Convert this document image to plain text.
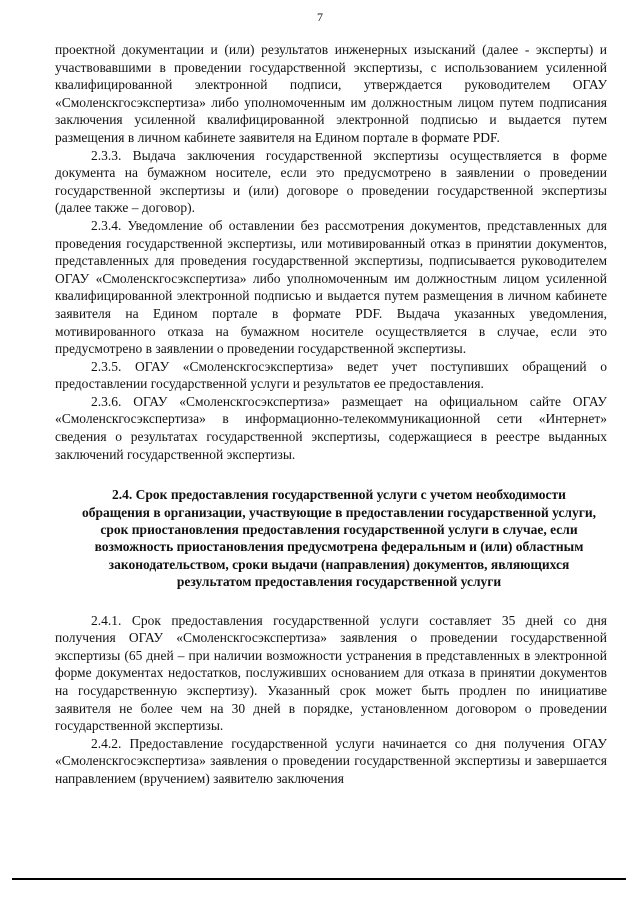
7

проектной документации и (или) результатов инженерных изысканий (далее - эксперты) и участвовавшими в проведении государственной экспертизы, с использованием усиленной квалифицированной электронной подписи, утверждается руководителем ОГАУ «Смоленскгосэкспертиза» либо уполномоченным им должностным лицом путем подписания заключения усиленной квалифицированной электронной подписью и выдается путем размещения в личном кабинете заявителя на Едином портале в формате PDF.

2.3.3. Выдача заключения государственной экспертизы осуществляется в форме документа на бумажном носителе, если это предусмотрено в заявлении о проведении государственной экспертизы и (или) договоре о проведении государственной экспертизы (далее также – договор).

2.3.4. Уведомление об оставлении без рассмотрения документов, представленных для проведения государственной экспертизы, или мотивированный отказ в принятии документов, представленных для проведения государственной экспертизы, подписывается руководителем ОГАУ «Смоленскгосэкспертиза» либо уполномоченным им должностным лицом усиленной квалифицированной электронной подписью и выдается путем размещения в личном кабинете заявителя на Едином портале в формате PDF. Выдача указанных уведомления, мотивированного отказа на бумажном носителе осуществляется в случае, если это предусмотрено в заявлении о проведении государственной экспертизы.

2.3.5. ОГАУ «Смоленскгосэкспертиза» ведет учет поступивших обращений о предоставлении государственной услуги и результатов ее предоставления.

2.3.6. ОГАУ «Смоленскгосэкспертиза» размещает на официальном сайте ОГАУ «Смоленскгосэкспертиза» в информационно-телекоммуникационной сети «Интернет» сведения о результатах государственной экспертизы, содержащиеся в реестре выданных заключений государственной экспертизы.

2.4. Срок предоставления государственной услуги с учетом необходимости обращения в организации, участвующие в предоставлении государственной услуги, срок приостановления предоставления государственной услуги в случае, если возможность приостановления предусмотрена федеральным и (или) областным законодательством, сроки выдачи (направления) документов, являющихся результатом предоставления государственной услуги

2.4.1. Срок предоставления государственной услуги составляет 35 дней со дня получения ОГАУ «Смоленскгосэкспертиза» заявления о проведении государственной экспертизы (65 дней – при наличии возможности устранения в представленных в электронной форме документах недостатков, послуживших основанием для отказа в принятии документов на государственную экспертизу). Указанный срок может быть продлен по инициативе заявителя не более чем на 30 дней в порядке, установленном договором о проведении государственной экспертизы.

2.4.2. Предоставление государственной услуги начинается со дня получения ОГАУ «Смоленскгосэкспертиза» заявления о проведении государственной экспертизы и завершается направлением (вручением) заявителю заключения
